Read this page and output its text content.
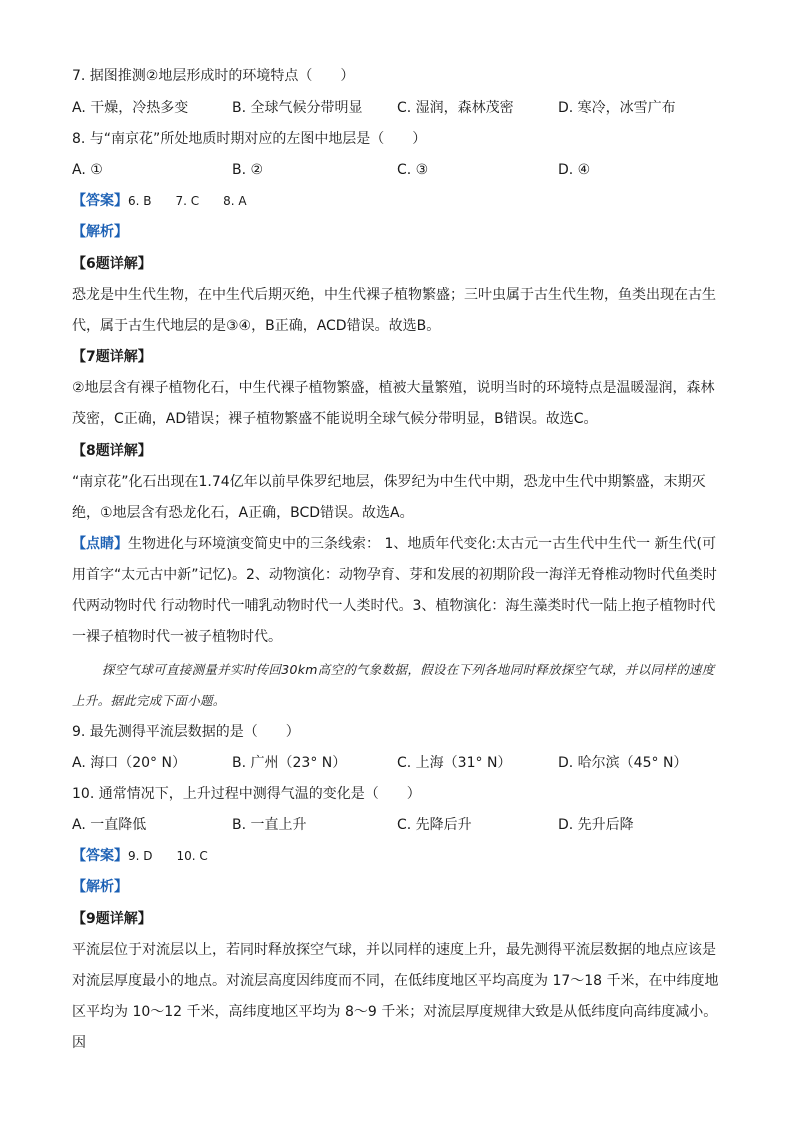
7. 据图推测②地层形成时的环境特点（　　）
A. 干燥，冷热多变	B. 全球气候分带明显 C. 湿润，森林茂密	D. 寒冷，冰雪广布
8. 与“南京花”所处地质时期对应的左图中地层是（　　）
A. ①	B. ②	C. ③	D. ④
【答案】6. B　　7. C　　8. A
【解析】
【6题详解】
恐龙是中生代生物，在中生代后期灭绝，中生代裸子植物繁盛；三叶虫属于古生代生物，鱼类出现在古生代，属于古生代地层的是③④，B正确，ACD错误。故选B。
【7题详解】
②地层含有裸子植物化石，中生代裸子植物繁盛，植被大量繁殖，说明当时的环境特点是温暖湿润，森林茂密，C正确，AD错误；裸子植物繁盛不能说明全球气候分带明显，B错误。故选C。
【8题详解】
“南京花”化石出现在1.74亿年以前早侏罗纪地层，侏罗纪为中生代中期，恐龙中生代中期繁盛，末期灭绝，①地层含有恐龙化石，A正确，BCD错误。故选A。
【点睛】生物进化与环境演变简史中的三条线索： 1、地质年代变化:太古元一古生代中生代一 新生代(可用首字“太元古中新”记忆)。2、动物演化：动物孕育、芽和发展的初期阶段一海洋无脊椎动物时代鱼类时代两动物时代 行动物时代一哺乳动物时代一人类时代。3、植物演化：海生藻类时代一陆上抱子植物时代一裸子植物时代一被子植物时代。
探空气球可直接测量并实时传回30km高空的气象数据，假设在下列各地同时释放探空气球，并以同样的速度上升。据此完成下面小题。
9. 最先测得平流层数据的是（　　）
A. 海口（20° N）	B. 广州（23° N）	C. 上海（31° N）	D. 哈尔滨（45° N）
10. 通常情况下，上升过程中测得气温的变化是（　　）
A. 一直降低	B. 一直上升	C. 先降后升	D. 先升后降
【答案】9. D　　10. C
【解析】
【9题详解】
平流层位于对流层以上，若同时释放探空气球，并以同样的速度上升，最先测得平流层数据的地点应该是对流层厚度最小的地点。对流层高度因纬度而不同，在低纬度地区平均高度为 17～18 千米，在中纬度地区平均为 10～12 千米，高纬度地区平均为 8～9 千米；对流层厚度规律大致是从低纬度向高纬度减小。因
